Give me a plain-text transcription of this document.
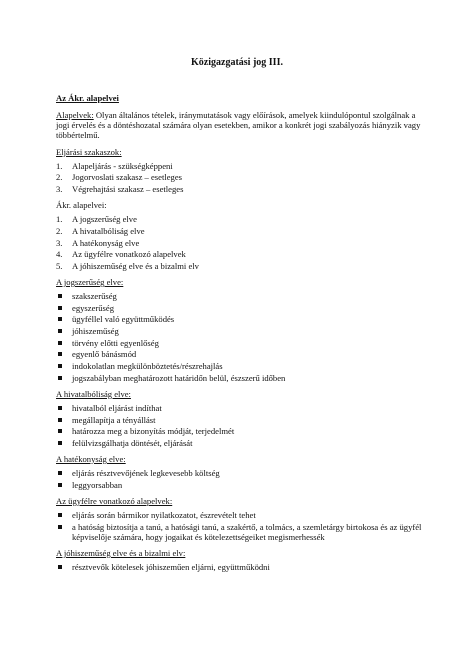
Közigazgatási jog III.
Az Ákr. alapelvei
Alapelvek: Olyan általános tételek, iránymutatások vagy előírások, amelyek kiindulópontul szolgálnak a jogi érvelés és a döntéshozatal számára olyan esetekben, amikor a konkrét jogi szabályozás hiányzik vagy többértelmű.
Eljárási szakaszok:
1. Alapeljárás - szükségképpeni
2. Jogorvoslati szakasz – esetleges
3. Végrehajtási szakasz – esetleges
Ákr. alapelvei:
1. A jogszerűség elve
2. A hivatalbóliság elve
3. A hatékonyság elve
4. Az ügyfélre vonatkozó alapelvek
5. A jóhiszeműség elve és a bizalmi elv
A jogszerűség elve:
szakszerűség
egyszerűség
ügyféllel való együttműködés
jóhiszeműség
törvény előtti egyenlőség
egyenlő bánásmód
indokolatlan megkülönböztetés/részrehajlás
jogszabályban meghatározott határidőn belül, észszerű időben
A hivatalbóliság elve:
hivatalból eljárást indíthat
megállapítja a tényállást
határozza meg a bizonyítás módját, terjedelmét
felülvizsgálhatja döntését, eljárását
A hatékonyság elve:
eljárás résztvevőjének legkevesebb költség
leggyorsabban
Az ügyfélre vonatkozó alapelvek:
eljárás során bármikor nyilatkozatot, észrevételt tehet
a hatóság biztosítja a tanú, a hatósági tanú, a szakértő, a tolmács, a szemletárgy birtokosa és az ügyfél képviselője számára, hogy jogaikat és kötelezettségeiket megismerhessék
A jóhiszeműség elve és a bizalmi elv:
résztvevők kötelesek jóhiszeműen eljárni, együttműködni
